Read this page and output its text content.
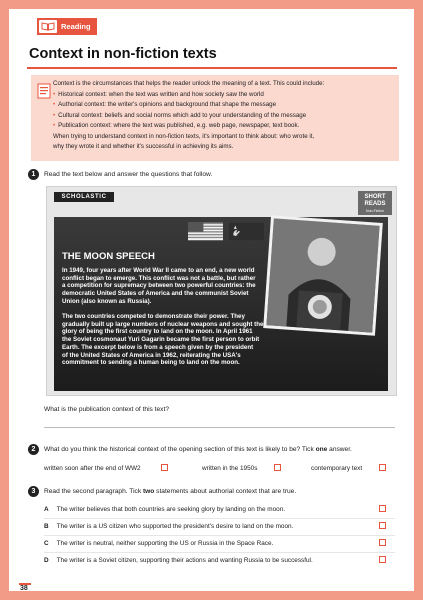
Reading
Context in non-fiction texts
Context is the circumstances that helps the reader unlock the meaning of a text. This could include:
• Historical context: when the text was written and how society saw the world
• Authorial context: the writer's opinions and background that shape the message
• Cultural context: beliefs and social norms which add to your understanding of the message
• Publication context: where the text was published, e.g. web page, newspaper, text book.
When trying to understand context in non-fiction texts, it's important to think about: who wrote it,
why they wrote it and whether it's successful in achieving its aims.
1	Read the text below and answer the questions that follow.
SCHOLASTIC	SHORT READS
Non-Fiction
THE MOON SPEECH
In 1949, four years after World War II came to an end, a new world
conflict began to emerge. This conflict was not a battle, but rather
a competition for supremacy between two powerful countries: the
democratic United States of America and the communist Soviet
Union (also known as Russia).
The two countries competed to demonstrate their power. They
gradually built up large numbers of nuclear weapons and sought the
glory of being the first country to land on the moon. In April 1961
the Soviet cosmonaut Yuri Gagarin became the first person to orbit
Earth. The excerpt below is from a speech given by the president
of the United States of America in 1962, reiterating the USA's
commitment to sending a human being to land on the moon.
What is the publication context of this text?
2	What do you think the historical context of the opening section of this text is likely to be? Tick one answer.
written soon after the end of WW2	written in the 1950s	contemporary text
3	Read the second paragraph. Tick two statements about authorial context that are true.
A The writer believes that both countries are seeking glory by landing on the moon.
B The writer is a US citizen who supported the president's desire to land on the moon.
C The writer is neutral, neither supporting the US or Russia in the Space Race.
D The writer is a Soviet citizen, supporting their actions and wanting Russia to be successful.
38
